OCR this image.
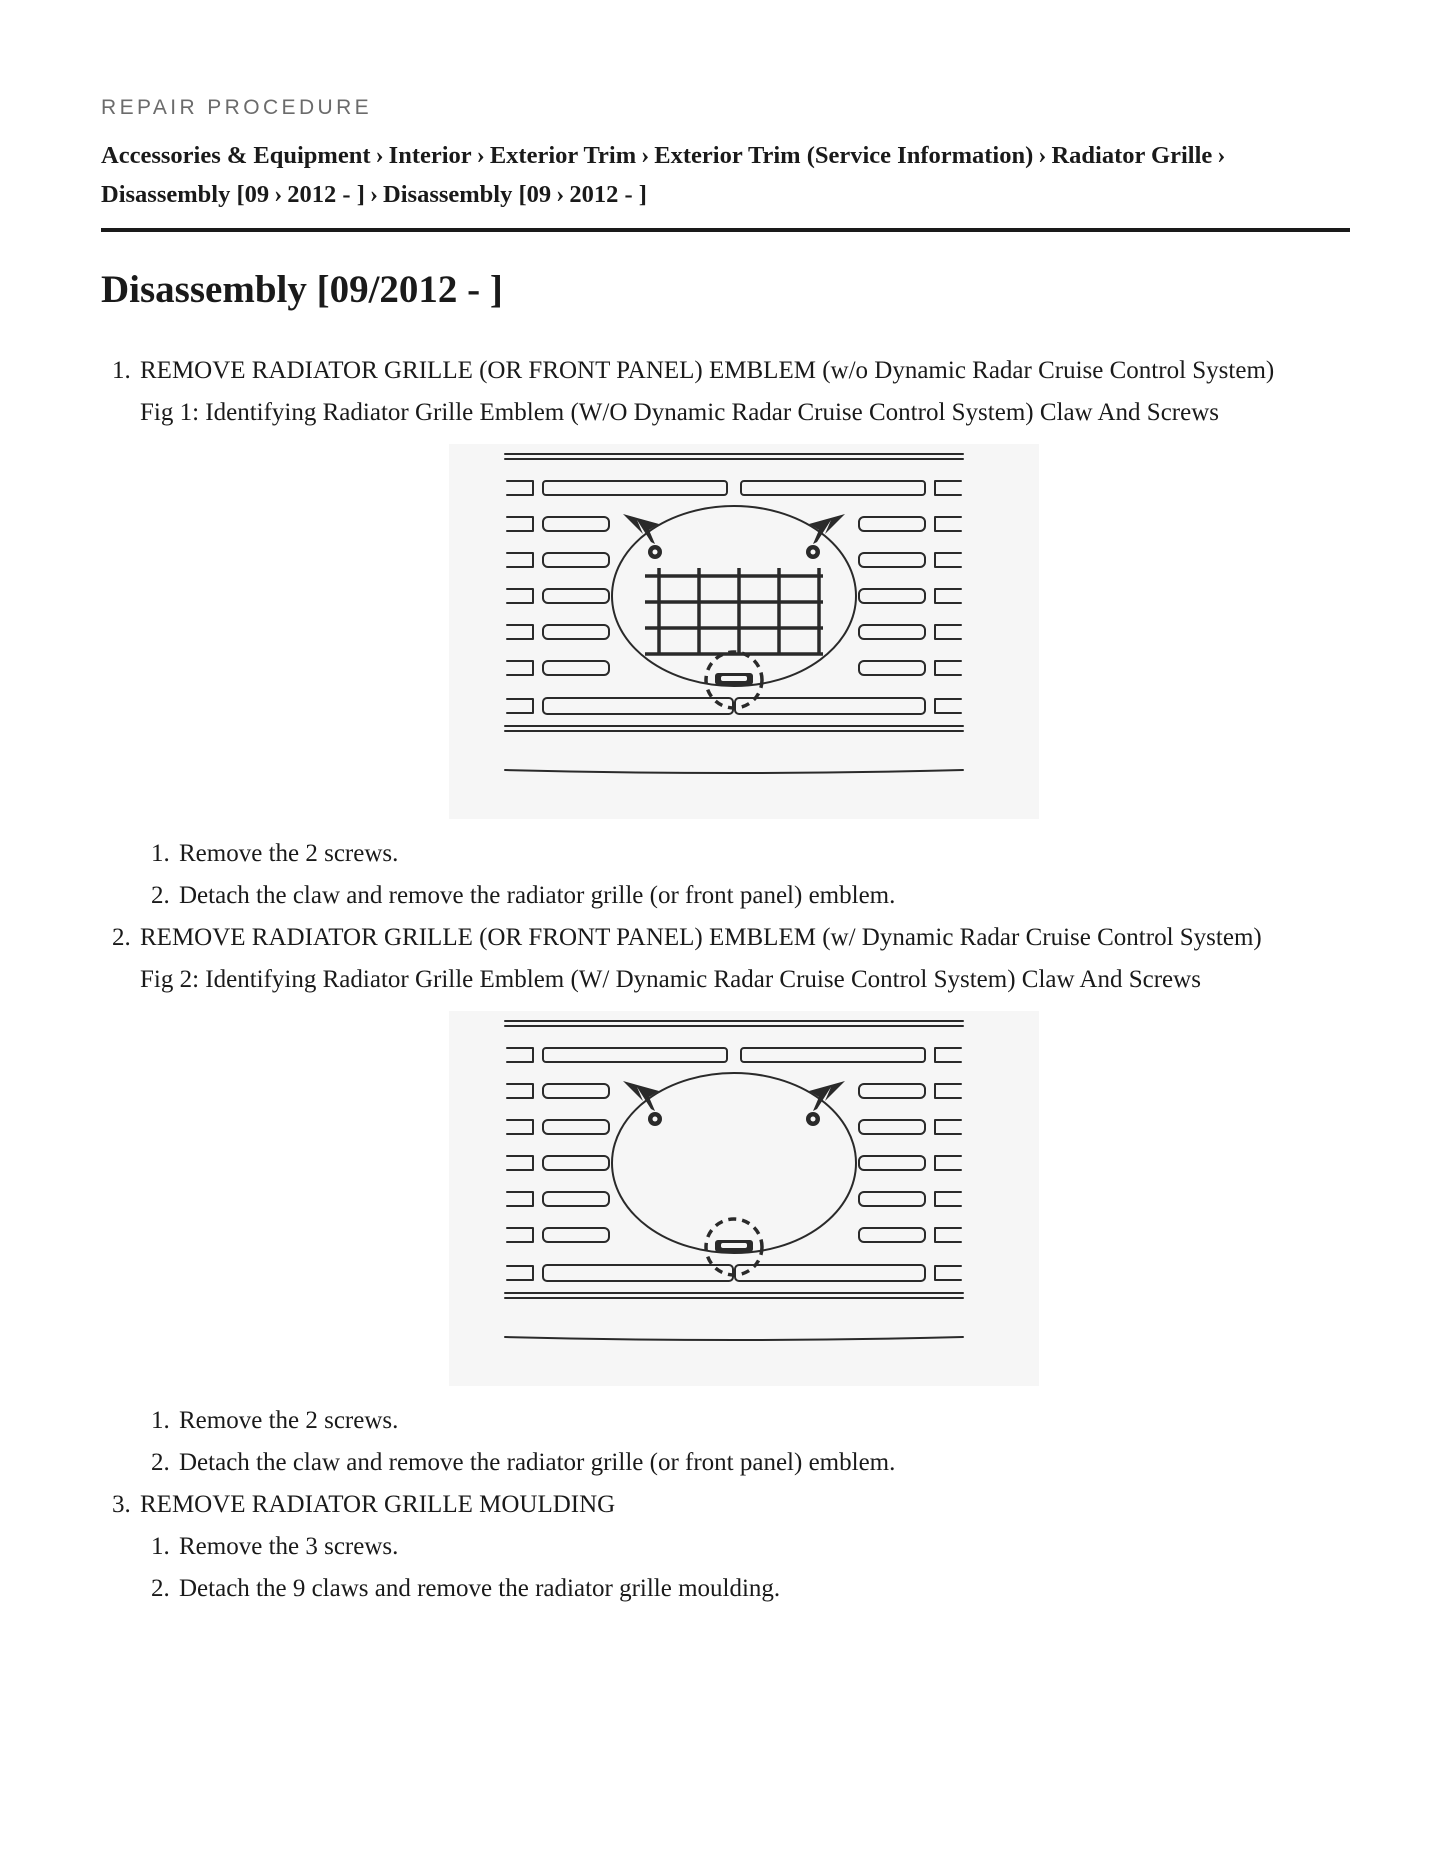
REPAIR PROCEDURE
Accessories & Equipment › Interior › Exterior Trim › Exterior Trim (Service Information) › Radiator Grille ›
Disassembly [09 › 2012 - ] › Disassembly [09 › 2012 - ]
Disassembly [09/2012 - ]
1. REMOVE RADIATOR GRILLE (OR FRONT PANEL) EMBLEM (w/o Dynamic Radar Cruise Control System)
Fig 1: Identifying Radiator Grille Emblem (W/O Dynamic Radar Cruise Control System) Claw And Screws
1. Remove the 2 screws.
2. Detach the claw and remove the radiator grille (or front panel) emblem.
2. REMOVE RADIATOR GRILLE (OR FRONT PANEL) EMBLEM (w/ Dynamic Radar Cruise Control System)
Fig 2: Identifying Radiator Grille Emblem (W/ Dynamic Radar Cruise Control System) Claw And Screws
1. Remove the 2 screws.
2. Detach the claw and remove the radiator grille (or front panel) emblem.
3. REMOVE RADIATOR GRILLE MOULDING
1. Remove the 3 screws.
2. Detach the 9 claws and remove the radiator grille moulding.
